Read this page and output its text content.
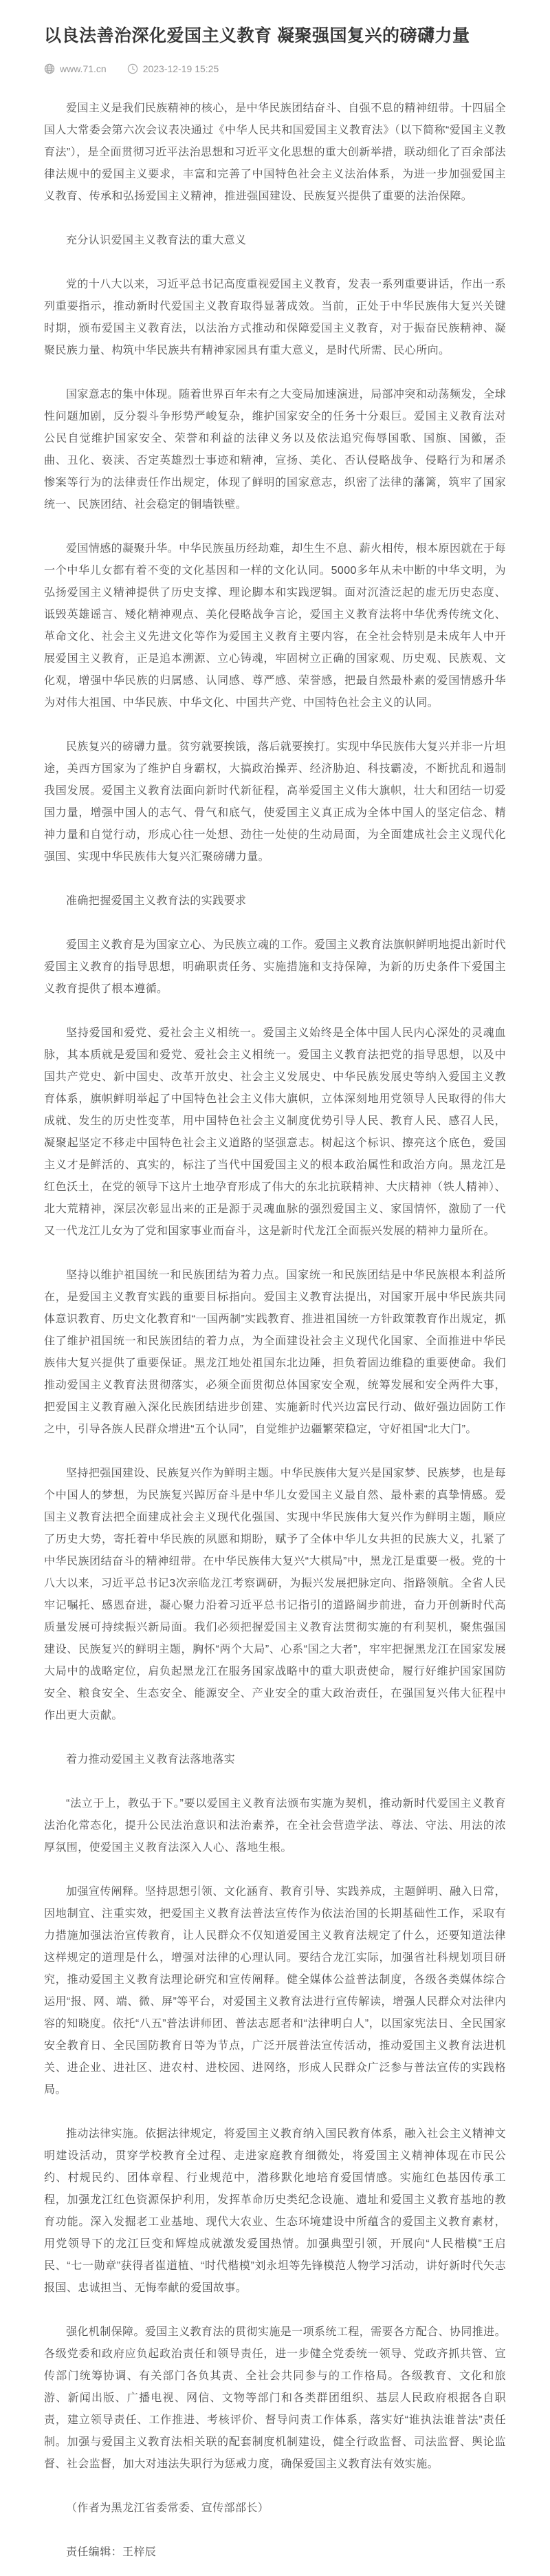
以良法善治深化爱国主义教育 凝聚强国复兴的磅礴力量
www.71.cn	2023-12-19 15:25

爱国主义是我们民族精神的核心，是中华民族团结奋斗、自强不息的精神纽带。十四届全国人大常委会第六次会议表决通过《中华人民共和国爱国主义教育法》（以下简称“爱国主义教育法”），是全面贯彻习近平法治思想和习近平文化思想的重大创新举措，联动细化了百余部法律法规中的爱国主义要求，丰富和完善了中国特色社会主义法治体系，为进一步加强爱国主义教育、传承和弘扬爱国主义精神，推进强国建设、民族复兴提供了重要的法治保障。

充分认识爱国主义教育法的重大意义

党的十八大以来，习近平总书记高度重视爱国主义教育，发表一系列重要讲话，作出一系列重要指示，推动新时代爱国主义教育取得显著成效。当前，正处于中华民族伟大复兴关键时期，颁布爱国主义教育法，以法治方式推动和保障爱国主义教育，对于振奋民族精神、凝聚民族力量、构筑中华民族共有精神家园具有重大意义，是时代所需、民心所向。

国家意志的集中体现。随着世界百年未有之大变局加速演进，局部冲突和动荡频发，全球性问题加剧，反分裂斗争形势严峻复杂，维护国家安全的任务十分艰巨。爱国主义教育法对公民自觉维护国家安全、荣誉和利益的法律义务以及依法追究侮辱国歌、国旗、国徽，歪曲、丑化、亵渎、否定英雄烈士事迹和精神，宣扬、美化、否认侵略战争、侵略行为和屠杀惨案等行为的法律责任作出规定，体现了鲜明的国家意志，织密了法律的藩篱，筑牢了国家统一、民族团结、社会稳定的铜墙铁壁。

爱国情感的凝聚升华。中华民族虽历经劫难，却生生不息、薪火相传，根本原因就在于每一个中华儿女都有着不变的文化基因和一样的文化认同。5000多年从未中断的中华文明，为弘扬爱国主义精神提供了历史支撑、理论脚本和实践逻辑。面对沉渣泛起的虚无历史态度、诋毁英雄谣言、矮化精神观点、美化侵略战争言论，爱国主义教育法将中华优秀传统文化、革命文化、社会主义先进文化等作为爱国主义教育主要内容，在全社会特别是未成年人中开展爱国主义教育，正是追本溯源、立心铸魂，牢固树立正确的国家观、历史观、民族观、文化观，增强中华民族的归属感、认同感、尊严感、荣誉感，把最自然最朴素的爱国情感升华为对伟大祖国、中华民族、中华文化、中国共产党、中国特色社会主义的认同。

民族复兴的磅礴力量。贫穷就要挨饿，落后就要挨打。实现中华民族伟大复兴并非一片坦途，美西方国家为了维护自身霸权，大搞政治操弄、经济胁迫、科技霸凌，不断扰乱和遏制我国发展。爱国主义教育法面向新时代新征程，高举爱国主义伟大旗帜，壮大和团结一切爱国力量，增强中国人的志气、骨气和底气，使爱国主义真正成为全体中国人的坚定信念、精神力量和自觉行动，形成心往一处想、劲往一处使的生动局面，为全面建成社会主义现代化强国、实现中华民族伟大复兴汇聚磅礴力量。

准确把握爱国主义教育法的实践要求

爱国主义教育是为国家立心、为民族立魂的工作。爱国主义教育法旗帜鲜明地提出新时代爱国主义教育的指导思想，明确职责任务、实施措施和支持保障，为新的历史条件下爱国主义教育提供了根本遵循。

坚持爱国和爱党、爱社会主义相统一。爱国主义始终是全体中国人民内心深处的灵魂血脉，其本质就是爱国和爱党、爱社会主义相统一。爱国主义教育法把党的指导思想，以及中国共产党史、新中国史、改革开放史、社会主义发展史、中华民族发展史等纳入爱国主义教育体系，旗帜鲜明举起了中国特色社会主义伟大旗帜，立体深刻地用党领导人民取得的伟大成就、发生的历史性变革，用中国特色社会主义制度优势引导人民、教育人民、感召人民，凝聚起坚定不移走中国特色社会主义道路的坚强意志。树起这个标识、擦亮这个底色，爱国主义才是鲜活的、真实的，标注了当代中国爱国主义的根本政治属性和政治方向。黑龙江是红色沃土，在党的领导下这片土地孕育形成了伟大的东北抗联精神、大庆精神（铁人精神）、北大荒精神，深层次彰显出来的正是源于灵魂血脉的强烈爱国主义、家国情怀，激励了一代又一代龙江儿女为了党和国家事业而奋斗，这是新时代龙江全面振兴发展的精神力量所在。

坚持以维护祖国统一和民族团结为着力点。国家统一和民族团结是中华民族根本利益所在，是爱国主义教育实践的重要目标指向。爱国主义教育法提出，对国家开展中华民族共同体意识教育、历史文化教育和“一国两制”实践教育、推进祖国统一方针政策教育作出规定，抓住了维护祖国统一和民族团结的着力点，为全面建设社会主义现代化国家、全面推进中华民族伟大复兴提供了重要保证。黑龙江地处祖国东北边陲，担负着固边维稳的重要使命。我们推动爱国主义教育法贯彻落实，必须全面贯彻总体国家安全观，统筹发展和安全两件大事，把爱国主义教育融入深化民族团结进步创建、实施新时代兴边富民行动、做好强边固防工作之中，引导各族人民群众增进“五个认同”，自觉维护边疆繁荣稳定，守好祖国“北大门”。

坚持把强国建设、民族复兴作为鲜明主题。中华民族伟大复兴是国家梦、民族梦，也是每个中国人的梦想，为民族复兴踔厉奋斗是中华儿女爱国主义最自然、最朴素的真挚情感。爱国主义教育法把全面建成社会主义现代化强国、实现中华民族伟大复兴作为鲜明主题，顺应了历史大势，寄托着中华民族的夙愿和期盼，赋予了全体中华儿女共担的民族大义，扎紧了中华民族团结奋斗的精神纽带。在中华民族伟大复兴“大棋局”中，黑龙江是重要一极。党的十八大以来，习近平总书记3次亲临龙江考察调研，为振兴发展把脉定向、指路领航。全省人民牢记嘱托、感恩奋进，凝心聚力沿着习近平总书记指引的道路阔步前进，奋力开创新时代高质量发展可持续振兴新局面。我们必须把握爱国主义教育法贯彻实施的有利契机，聚焦强国建设、民族复兴的鲜明主题，胸怀“两个大局”、心系“国之大者”，牢牢把握黑龙江在国家发展大局中的战略定位，肩负起黑龙江在服务国家战略中的重大职责使命，履行好维护国家国防安全、粮食安全、生态安全、能源安全、产业安全的重大政治责任，在强国复兴伟大征程中作出更大贡献。

着力推动爱国主义教育法落地落实

“法立于上，教弘于下。”要以爱国主义教育法颁布实施为契机，推动新时代爱国主义教育法治化常态化，提升公民法治意识和法治素养，在全社会营造学法、尊法、守法、用法的浓厚氛围，使爱国主义教育法深入人心、落地生根。

加强宣传阐释。坚持思想引领、文化涵育、教育引导、实践养成，主题鲜明、融入日常，因地制宜、注重实效，把爱国主义教育法普法宣传作为依法治国的长期基础性工作，采取有力措施加强法治宣传教育，让人民群众不仅知道爱国主义教育法规定了什么，还要知道法律这样规定的道理是什么，增强对法律的心理认同。要结合龙江实际，加强省社科规划项目研究，推动爱国主义教育法理论研究和宣传阐释。健全媒体公益普法制度，各级各类媒体综合运用“报、网、端、微、屏”等平台，对爱国主义教育法进行宣传解读，增强人民群众对法律内容的知晓度。依托“八五”普法讲师团、普法志愿者和“法律明白人”，以国家宪法日、全民国家安全教育日、全民国防教育日等为节点，广泛开展普法宣传活动，推动爱国主义教育法进机关、进企业、进社区、进农村、进校园、进网络，形成人民群众广泛参与普法宣传的实践格局。

推动法律实施。依据法律规定，将爱国主义教育纳入国民教育体系，融入社会主义精神文明建设活动，贯穿学校教育全过程、走进家庭教育细微处，将爱国主义精神体现在市民公约、村规民约、团体章程、行业规范中，潜移默化地培育爱国情感。实施红色基因传承工程，加强龙江红色资源保护利用，发挥革命历史类纪念设施、遗址和爱国主义教育基地的教育功能。深入发掘老工业基地、现代大农业、生态环境建设中所蕴含的爱国主义教育素材，用党领导下的龙江巨变和辉煌成就激发爱国热情。加强典型引领，开展向“人民楷模”王启民、“七一勋章”获得者崔道植、“时代楷模”刘永坦等先锋模范人物学习活动，讲好新时代矢志报国、忠诚担当、无悔奉献的爱国故事。

强化机制保障。爱国主义教育法的贯彻实施是一项系统工程，需要各方配合、协同推进。各级党委和政府应负起政治责任和领导责任，进一步健全党委统一领导、党政齐抓共管、宣传部门统筹协调、有关部门各负其责、全社会共同参与的工作格局。各级教育、文化和旅游、新闻出版、广播电视、网信、文物等部门和各类群团组织、基层人民政府根据各自职责，建立领导责任、工作推进、考核评价、督导问责工作体系，落实好“谁执法谁普法”责任制。加强与爱国主义教育法相关联的配套制度机制建设，健全行政监督、司法监督、舆论监督、社会监督，加大对违法失职行为惩戒力度，确保爱国主义教育法有效实施。

（作者为黑龙江省委常委、宣传部部长）

责任编辑：王梓辰
